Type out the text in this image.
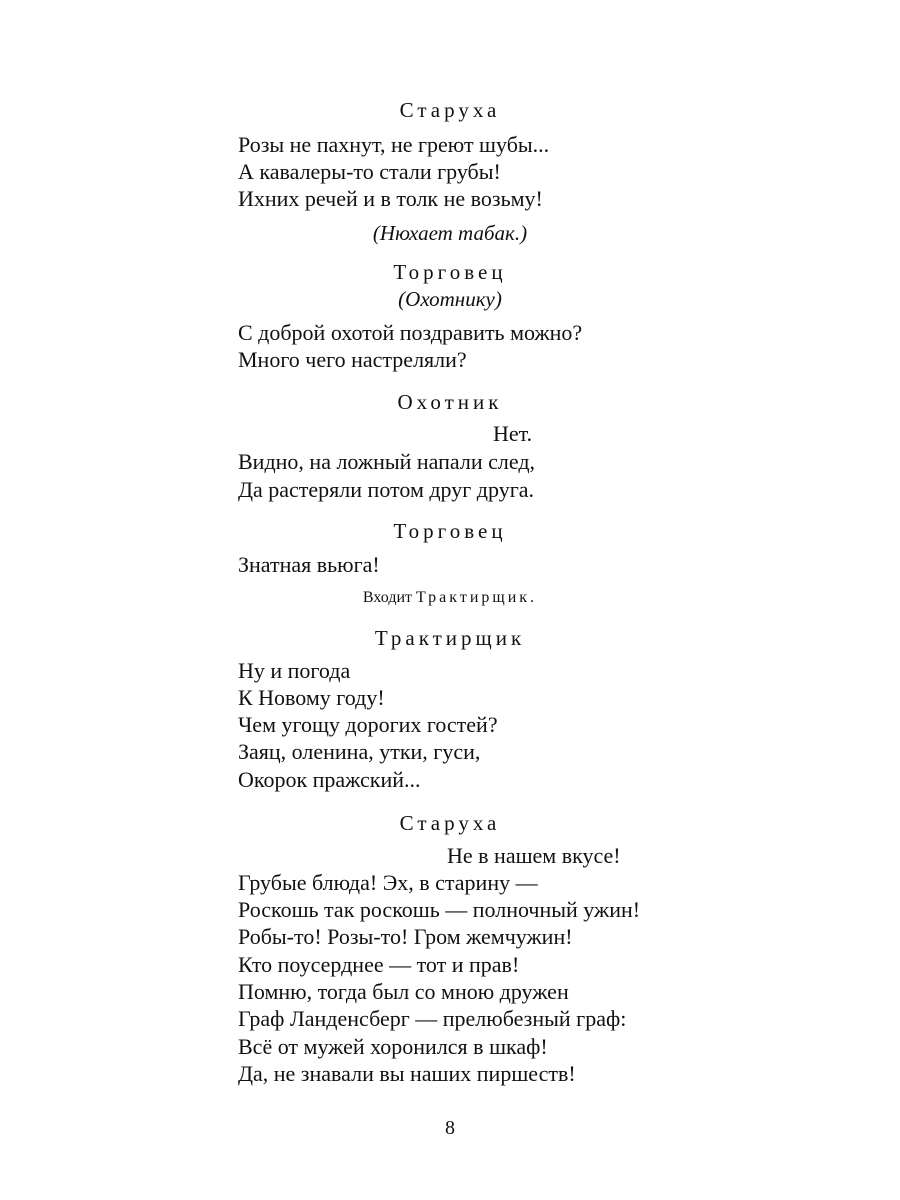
Старуха
Розы не пахнут, не греют шубы...
А кавалеры-то стали грубы!
Ихних речей и в толк не возьму!
(Нюхает табак.)
Торговец
(Охотнику)
С доброй охотой поздравить можно?
Много чего настреляли?
Охотник
Нет.
Видно, на ложный напали след,
Да растеряли потом друг друга.
Торговец
Знатная вьюга!
Входит Трактирщик.
Трактирщик
Ну и погода
К Новому году!
Чем угощу дорогих гостей?
Заяц, оленина, утки, гуси,
Окорок пражский...
Старуха
Не в нашем вкусе!
Грубые блюда! Эх, в старину —
Роскошь так роскошь — полночный ужин!
Робы-то! Розы-то! Гром жемчужин!
Кто поусерднее — тот и прав!
Помню, тогда был со мною дружен
Граф Ланденсберг — прелюбезный граф:
Всё от мужей хоронился в шкаф!
Да, не знавали вы наших пиршеств!
8
